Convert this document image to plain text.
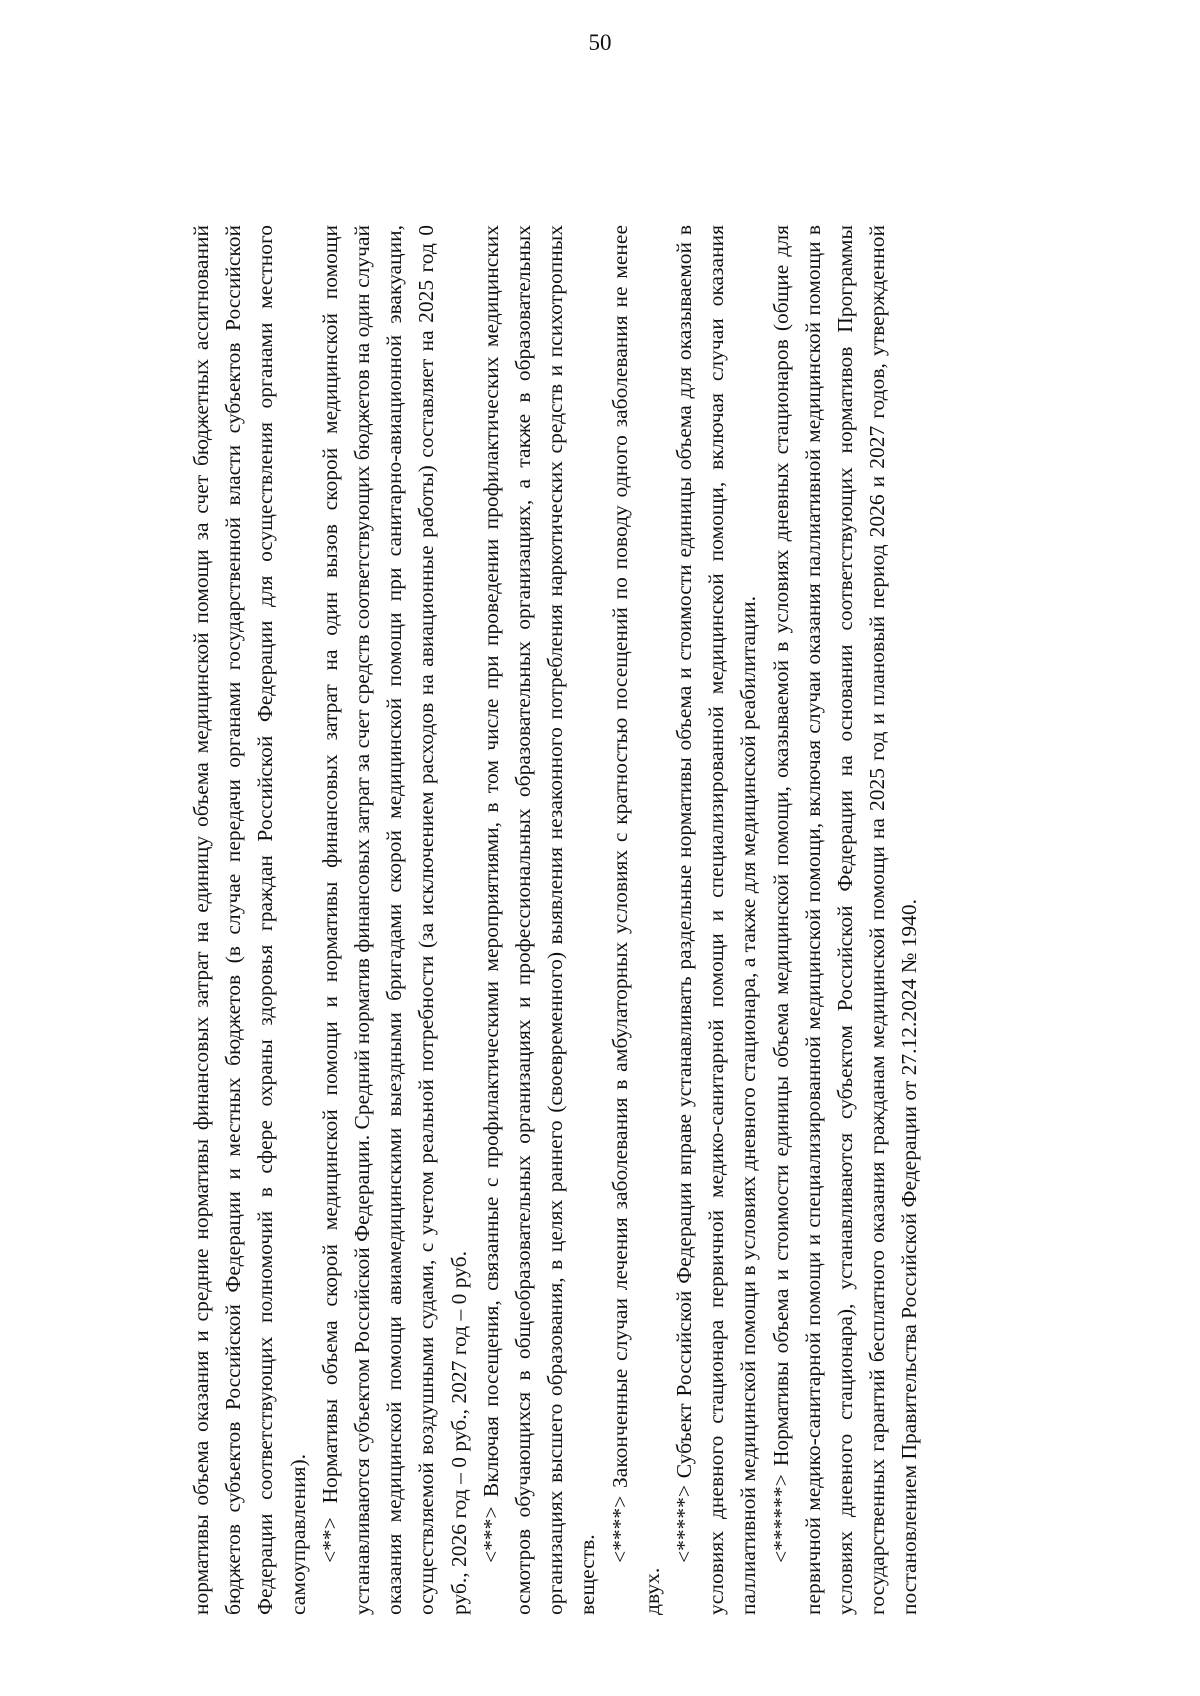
50

нормативы объема оказания и средние нормативы финансовых затрат на единицу объема медицинской помощи за счет бюджетных ассигнований бюджетов субъектов Российской Федерации и местных бюджетов (в случае передачи органами государственной власти субъектов Российской Федерации соответствующих полномочий в сфере охраны здоровья граждан Российской Федерации для осуществления органами местного самоуправления). <**> Нормативы объема скорой медицинской помощи и нормативы финансовых затрат на один вызов скорой медицинской помощи устанавливаются субъектом Российской Федерации. Средний норматив финансовых затрат за счет средств соответствующих бюджетов на один случай оказания медицинской помощи авиамедицинскими выездными бригадами скорой медицинской помощи при санитарно-авиационной эвакуации, осуществляемой воздушными судами, с учетом реальной потребности (за исключением расходов на авиационные работы) составляет на 2025 год 0 руб., 2026 год – 0 руб., 2027 год – 0 руб. <***> Включая посещения, связанные с профилактическими мероприятиями, в том числе при проведении профилактических медицинских осмотров обучающихся в общеобразовательных организациях и профессиональных образовательных организациях, а также в образовательных организациях высшего образования, в целях раннего (своевременного) выявления незаконного потребления наркотических средств и психотропных веществ.

<****> Законченные случаи лечения заболевания в амбулаторных условиях с кратностью посещений по поводу одного заболевания не менее двух.

<*****> Субъект Российской Федерации вправе устанавливать раздельные нормативы объема и стоимости единицы объема для оказываемой в условиях дневного стационара первичной медико-санитарной помощи и специализированной медицинской помощи, включая случаи оказания паллиативной медицинской помощи в условиях дневного стационара, а также для медицинской реабилитации. <******> Нормативы объема и стоимости единицы объема медицинской помощи, оказываемой в условиях дневных стационаров (общие для первичной медико-санитарной помощи и специализированной медицинской помощи, включая случаи оказания паллиативной медицинской помощи в условиях дневного стационара), устанавливаются субъектом Российской Федерации на основании соответствующих нормативов Программы государственных гарантий бесплатного оказания гражданам медицинской помощи на 2025 год и плановый период 2026 и 2027 годов, утвержденной постановлением Правительства Российской Федерации от 27.12.2024 № 1940.
